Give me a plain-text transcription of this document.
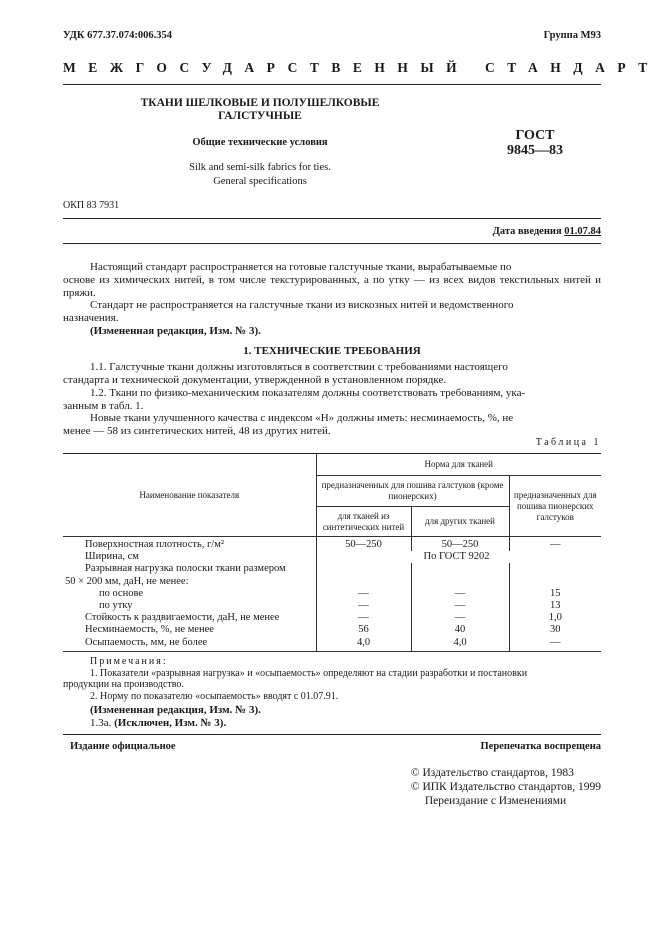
УДК 677.37.074:006.354	Группа М93
МЕЖГОСУДАРСТВЕННЫЙ СТАНДАРТ
ТКАНИ ШЕЛКОВЫЕ И ПОЛУШЕЛКОВЫЕ
ГАЛСТУЧНЫЕ
Общие технические условия
Silk and semi-silk fabrics for ties.
General specifications
ГОСТ
9845—83
ОКП 83 7931
Дата введения 01.07.84
Настоящий стандарт распространяется на готовые галстучные ткани, вырабатываемые по
основе из химических нитей, в том числе текстурированных, а по утку — из всех видов текстильных нитей и пряжи.
Стандарт не распространяется на галстучные ткани из вискозных нитей и ведомственного
назначения.
(Измененная редакция, Изм. № 3).
1. ТЕХНИЧЕСКИЕ ТРЕБОВАНИЯ
1.1. Галстучные ткани должны изготовляться в соответствии с требованиями настоящего
стандарта и технической документации, утвержденной в установленном порядке.
1.2. Ткани по физико-механическим показателям должны соответствовать требованиям, ука-
занным в табл. 1.
Новые ткани улучшенного качества с индексом «Н» должны иметь: несминаемость, %, не
менее — 58 из синтетических нитей, 48 из других нитей.
Таблица 1
Наименование показателя	Норма для тканей		
	предназначенных для пошива галстуков (кроме пионерских)		предназначенных для пошива пионерских галстуков
	для тканей из синтетических нитей	для других тканей	
Поверхностная плотность, г/м²	50—250	50—250	—
Ширина, см	По ГОСТ 9202		
Разрывная нагрузка полоски ткани размером			
50 × 200 мм, даН, не менее:			
по основе	—	—	15
по утку	—	—	13
Стойкость к раздвигаемости, даН, не менее	—	—	1,0
Несминаемость, %, не менее	56	40	30
Осыпаемость, мм, не более	4,0	4,0	—
Примечания:
1. Показатели «разрывная нагрузка» и «осыпаемость» определяют на стадии разработки и постановки
продукции на производство.
2. Норму по показателю «осыпаемость» вводят с 01.07.91.
(Измененная редакция, Изм. № 3).
1.3а. (Исключен, Изм. № 3).
Издание официальное	Перепечатка воспрещена
© Издательство стандартов, 1983
© ИПК Издательство стандартов, 1999
Переиздание с Изменениями
